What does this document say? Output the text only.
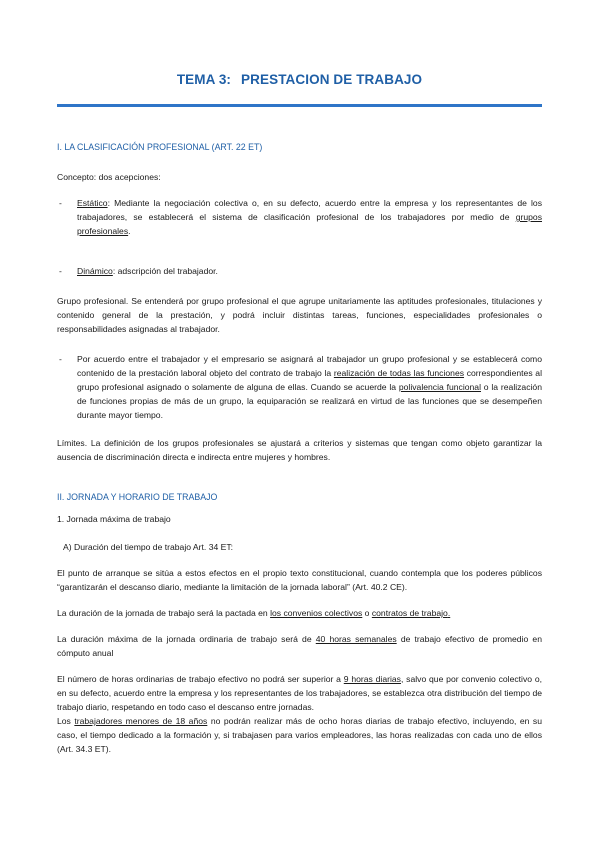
TEMA 3: PRESTACION DE TRABAJO

I. LA CLASIFICACIÓN PROFESIONAL (ART. 22 ET)

Concepto: dos acepciones:

- Estático: Mediante la negociación colectiva o, en su defecto, acuerdo entre la empresa y los representantes de los trabajadores, se establecerá el sistema de clasificación profesional de los trabajadores por medio de grupos profesionales.
- Dinámico: adscripción del trabajador.

Grupo profesional. Se entenderá por grupo profesional el que agrupe unitariamente las aptitudes profesionales, titulaciones y contenido general de la prestación, y podrá incluir distintas tareas, funciones, especialidades profesionales o responsabilidades asignadas al trabajador.

- Por acuerdo entre el trabajador y el empresario se asignará al trabajador un grupo profesional y se establecerá como contenido de la prestación laboral objeto del contrato de trabajo la realización de todas las funciones correspondientes al grupo profesional asignado o solamente de alguna de ellas. Cuando se acuerde la polivalencia funcional o la realización de funciones propias de más de un grupo, la equiparación se realizará en virtud de las funciones que se desempeñen durante mayor tiempo.

Límites. La definición de los grupos profesionales se ajustará a criterios y sistemas que tengan como objeto garantizar la ausencia de discriminación directa e indirecta entre mujeres y hombres.

II. JORNADA Y HORARIO DE TRABAJO

1. Jornada máxima de trabajo

A) Duración del tiempo de trabajo Art. 34 ET:

El punto de arranque se sitúa a estos efectos en el propio texto constitucional, cuando contempla que los poderes públicos “garantizarán el descanso diario, mediante la limitación de la jornada laboral” (Art. 40.2 CE).

La duración de la jornada de trabajo será la pactada en los convenios colectivos o contratos de trabajo.

La duración máxima de la jornada ordinaria de trabajo será de 40 horas semanales de trabajo efectivo de promedio en cómputo anual

El número de horas ordinarias de trabajo efectivo no podrá ser superior a 9 horas diarias, salvo que por convenio colectivo o, en su defecto, acuerdo entre la empresa y los representantes de los trabajadores, se establezca otra distribución del tiempo de trabajo diario, respetando en todo caso el descanso entre jornadas.

Los trabajadores menores de 18 años no podrán realizar más de ocho horas diarias de trabajo efectivo, incluyendo, en su caso, el tiempo dedicado a la formación y, si trabajasen para varios empleadores, las horas realizadas con cada uno de ellos (Art. 34.3 ET).
